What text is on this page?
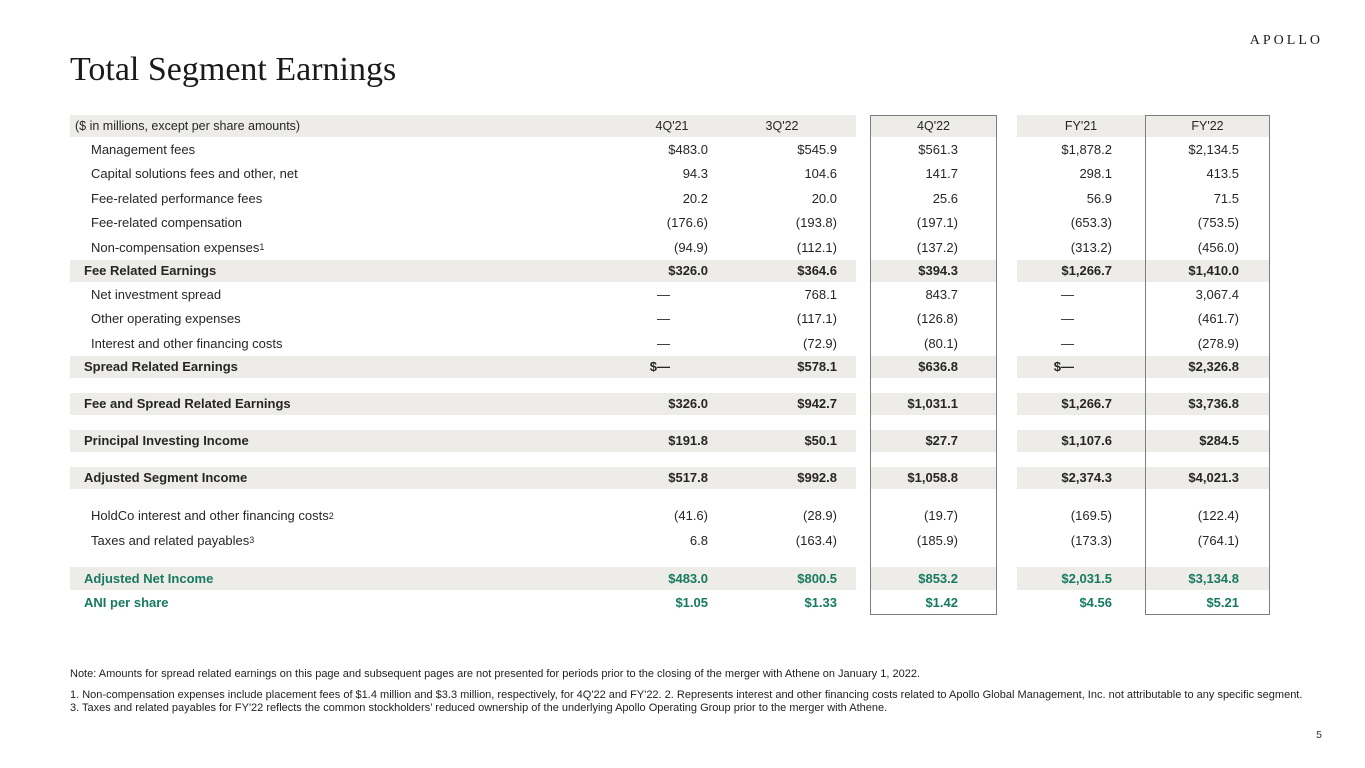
APOLLO
Total Segment Earnings
($ in millions, except per share amounts)	4Q'21	3Q'22	4Q'22	FY'21	FY'22
Management fees	$483.0	$545.9	$561.3	$1,878.2	$2,134.5
Capital solutions fees and other, net	94.3	104.6	141.7	298.1	413.5
Fee-related performance fees	20.2	20.0	25.6	56.9	71.5
Fee-related compensation	(176.6)	(193.8)	(197.1)	(653.3)	(753.5)
Non-compensation expenses 1	(94.9)	(112.1)	(137.2)	(313.2)	(456.0)
Fee Related Earnings	$326.0	$364.6	$394.3	$1,266.7	$1,410.0
Net investment spread	—	768.1	843.7	—	3,067.4
Other operating expenses	—	(117.1)	(126.8)	—	(461.7)
Interest and other financing costs	—	(72.9)	(80.1)	—	(278.9)
Spread Related Earnings	$—	$578.1	$636.8	$—	$2,326.8
Fee and Spread Related Earnings	$326.0	$942.7	$1,031.1	$1,266.7	$3,736.8
Principal Investing Income	$191.8	$50.1	$27.7	$1,107.6	$284.5
Adjusted Segment Income	$517.8	$992.8	$1,058.8	$2,374.3	$4,021.3
HoldCo interest and other financing costs 2	(41.6)	(28.9)	(19.7)	(169.5)	(122.4)
Taxes and related payables 3	6.8	(163.4)	(185.9)	(173.3)	(764.1)
Adjusted Net Income	$483.0	$800.5	$853.2	$2,031.5	$3,134.8
ANI per share	$1.05	$1.33	$1.42	$4.56	$5.21

Note: Amounts for spread related earnings on this page and subsequent pages are not presented for periods prior to the closing of the merger with Athene on January 1, 2022.

1. Non-compensation expenses include placement fees of $1.4 million and $3.3 million, respectively, for 4Q'22 and FY'22. 2. Represents interest and other financing costs related to Apollo Global Management, Inc. not attributable to any specific segment. 3. Taxes and related payables for FY'22 reflects the common stockholders’ reduced ownership of the underlying Apollo Operating Group prior to the merger with Athene.

5
